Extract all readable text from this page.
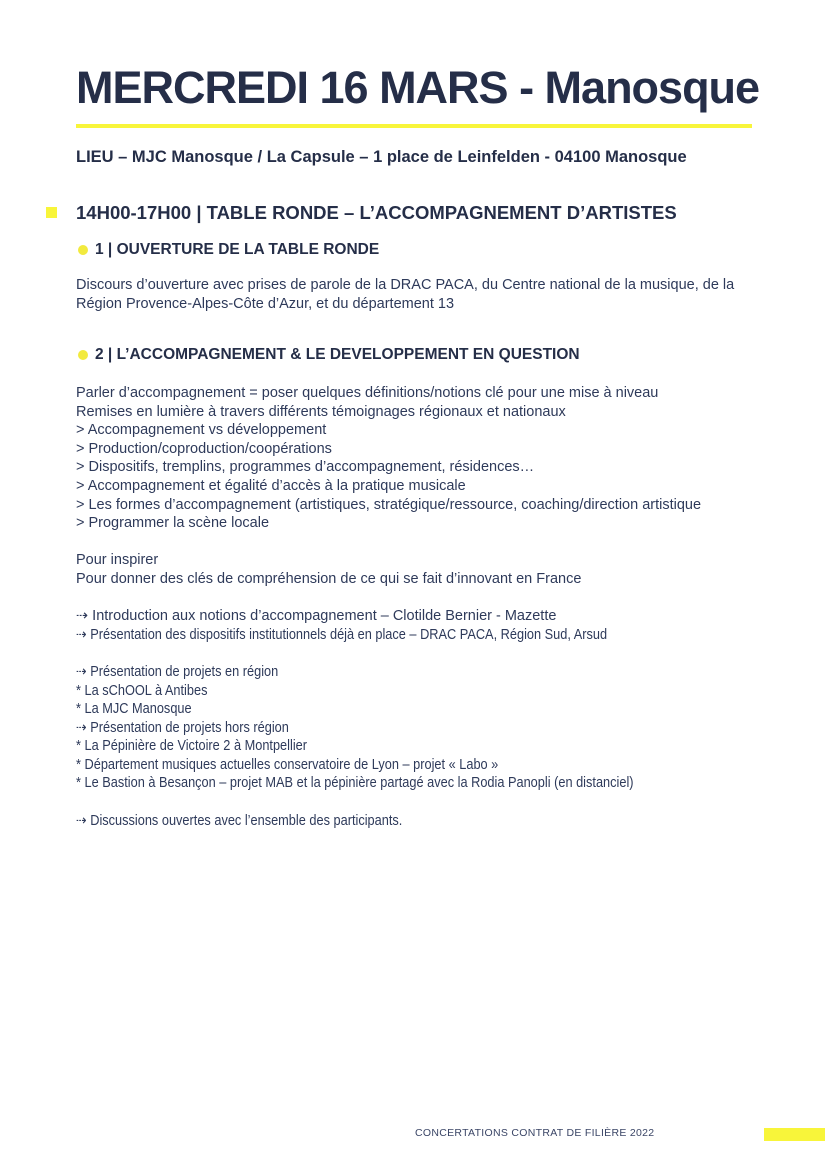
MERCREDI 16 MARS - Manosque
LIEU – MJC Manosque / La Capsule – 1 place de Leinfelden - 04100 Manosque
14H00-17H00 | TABLE RONDE – L’ACCOMPAGNEMENT D’ARTISTES
1 | OUVERTURE DE LA TABLE RONDE
Discours d’ouverture avec prises de parole de la DRAC PACA, du Centre national de la musique, de la Région Provence-Alpes-Côte d’Azur, et du département 13
2 | L’ACCOMPAGNEMENT & LE DEVELOPPEMENT EN QUESTION
Parler d’accompagnement = poser quelques définitions/notions clé pour une mise à niveau
Remises en lumière à travers différents témoignages régionaux et nationaux
> Accompagnement vs développement
> Production/coproduction/coopérations
> Dispositifs, tremplins, programmes d’accompagnement, résidences…
> Accompagnement et égalité d’accès à la pratique musicale
> Les formes d’accompagnement (artistiques, stratégique/ressource, coaching/direction artistique
> Programmer la scène locale
Pour inspirer
Pour donner des clés de compréhension de ce qui se fait d’innovant en France
⇢ Introduction aux notions d’accompagnement – Clotilde Bernier - Mazette
⇢ Présentation des dispositifs institutionnels déjà en place – DRAC PACA, Région Sud, Arsud
⇢ Présentation de projets en région
* La sChOOL à Antibes
* La MJC Manosque
⇢ Présentation de projets hors région
* La Pépinière de Victoire 2 à Montpellier
* Département musiques actuelles conservatoire de Lyon – projet « Labo »
* Le Bastion à Besançon – projet MAB et la pépinière partagé avec la Rodia Panopli (en distanciel)
⇢ Discussions ouvertes avec l’ensemble des participants.
CONCERTATIONS CONTRAT DE FILIÈRE 2022
